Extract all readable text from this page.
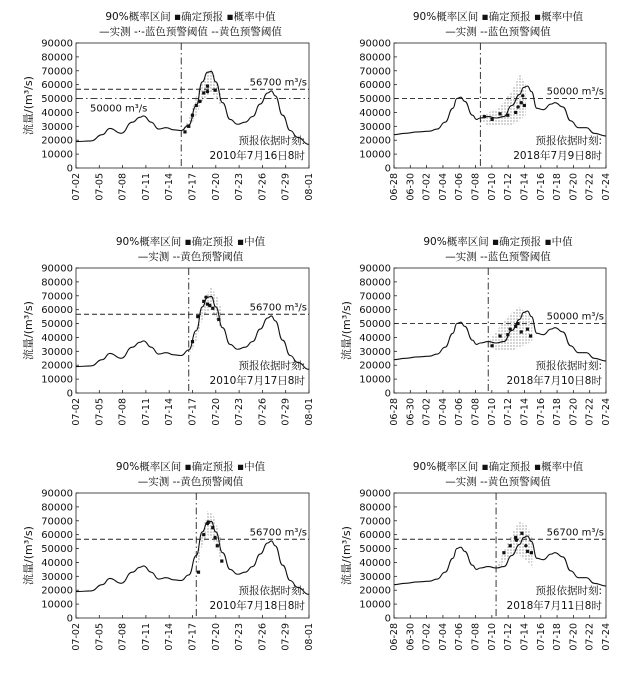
90%概率区间 ▪确定预报 ▪概率中值
—实测 -·-蓝色预警阈值 --黄色预警阈值
0
10000
20000
30000
40000
50000
60000
70000
80000
90000
流量/(m³/s)
07-02 07-05 07-08 07-11 07-14 07-17 07-20 07-23 07-26 07-29 08-01
56700 m³/s
50000 m³/s
预报依据时刻:
2010年7月16日8时
90%概率区间 ▪确定预报 ▪概率中值
—实测 --蓝色预警阈值
0
10000
20000
30000
40000
50000
60000
70000
80000
90000
06-28 06-30 07-02 07-04 07-06 07-08 07-10 07-12 07-14 07-16 07-18 07-20 07-22 07-24
50000 m³/s
预报依据时刻:
2018年7月9日8时
90%概率区间 ▪确定预报 ▪中值
—实测 --黄色预警阈值
0
10000
20000
30000
40000
50000
60000
70000
80000
90000
流量/(m³/s)
07-02 07-05 07-08 07-11 07-14 07-17 07-20 07-23 07-26 07-29 08-01
56700 m³/s
预报依据时刻:
2010年7月17日8时
90%概率区间 ▪确定预报 ▪中值
—实测 --蓝色预警阈值
0
10000
20000
30000
40000
50000
60000
70000
80000
90000
流量/(m³/s)
06-28 06-30 07-02 07-04 07-06 07-08 07-10 07-12 07-14 07-16 07-18 07-20 07-22 07-24
50000 m³/s
预报依据时刻:
2018年7月10日8时
90%概率区间 ▪确定预报 ▪中值
—实测 --黄色预警阈值
0
10000
20000
30000
40000
50000
60000
70000
80000
90000
流量/(m³/s)
07-02 07-05 07-08 07-11 07-14 07-17 07-20 07-23 07-26 07-29 08-01
56700 m³/s
预报依据时刻:
2010年7月18日8时
90%概率区间 ▪确定预报 ▪概率中值
—实测 --黄色预警阈值
0
10000
20000
30000
40000
50000
60000
70000
80000
90000
流量/(m³/s)
06-28 06-30 07-02 07-04 07-06 07-08 07-10 07-12 07-14 07-16 07-18 07-20 07-22 07-24
56700 m³/s
预报依据时刻:
2018年7月11日8时
